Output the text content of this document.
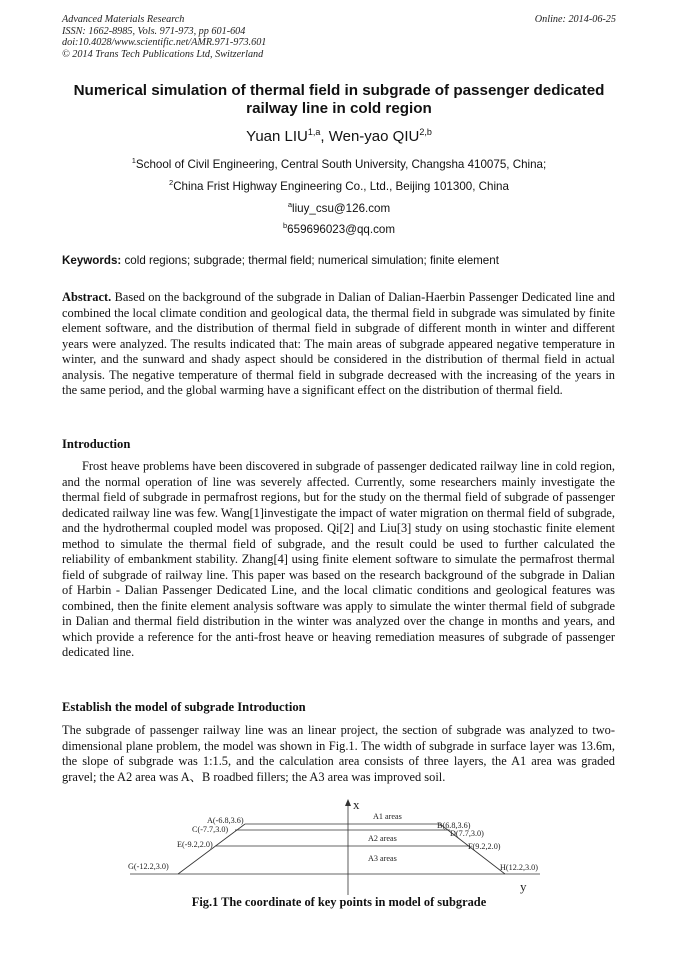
Advanced Materials Research
ISSN: 1662-8985, Vols. 971-973, pp 601-604
doi:10.4028/www.scientific.net/AMR.971-973.601
© 2014 Trans Tech Publications Ltd, Switzerland
Online: 2014-06-25
Numerical simulation of thermal field in subgrade of passenger dedicated railway line in cold region
Yuan LIU$^{1,a}$, Wen-yao QIU$^{2,b}$
$^1$School of Civil Engineering, Central South University, Changsha 410075, China;
$^2$China Frist Highway Engineering Co., Ltd., Beijing 101300, China
$^a$liuy_csu@126.com
$^b$659696023@qq.com
Keywords: cold regions; subgrade; thermal field; numerical simulation; finite element
Abstract. Based on the background of the subgrade in Dalian of Dalian-Haerbin Passenger Dedicated line and combined the local climate condition and geological data, the thermal field in subgrade was simulated by finite element software, and the distribution of thermal field in subgrade of different month in winter and different years were analyzed. The results indicated that: The main areas of subgrade appeared negative temperature in winter, and the sunward and shady aspect should be considered in the distribution of thermal field in actual analysis. The negative temperature of thermal field in subgrade decreased with the increasing of the years in the same period, and the global warming have a significant effect on the distribution of thermal field.
Introduction
Frost heave problems have been discovered in subgrade of passenger dedicated railway line in cold region, and the normal operation of line was severely affected. Currently, some researchers mainly investigate the thermal field of subgrade in permafrost regions, but for the study on the thermal field of subgrade of passenger dedicated railway line was few. Wang[1]investigate the impact of water migration on thermal field of subgrade, and the hydrothermal coupled model was proposed. Qi[2] and Liu[3] study on using stochastic finite element method to simulate the thermal field of subgrade, and the result could be used to further calculated the reliability of embankment stability. Zhang[4] using finite element software to simulate the permafrost thermal field of subgrade of railway line. This paper was based on the research background of the subgrade in Dalian of Harbin - Dalian Passenger Dedicated Line, and the local climatic conditions and geological features was combined, then the finite element analysis software was apply to simulate the winter thermal field of subgrade in Dalian and thermal field distribution in the winter was analyzed over the change in months and years, and which provide a reference for the anti-frost heave or heaving remediation measures of subgrade of passenger dedicated line.
Establish the model of subgrade Introduction
The subgrade of passenger railway line was an linear project, the section of subgrade was analyzed to two-dimensional plane problem, the model was shown in Fig.1. The width of subgrade in surface layer was 13.6m, the slope of subgrade was 1:1.5, and the calculation area consists of three layers, the A1 area was graded gravel; the A2 area was A、B roadbed fillers; the A3 area was improved soil.
x
y
A1 areas
A2 areas
A3 areas
A(-6.8,3.6)
C(-7.7,3.0)
E(-9.2,2.0)
G(-12.2,3.0)
B(6.8,3.6)
D(7.7,3.0)
F(9.2,2.0)
H(12.2,3.0)
Fig.1 The coordinate of key points in model of subgrade
